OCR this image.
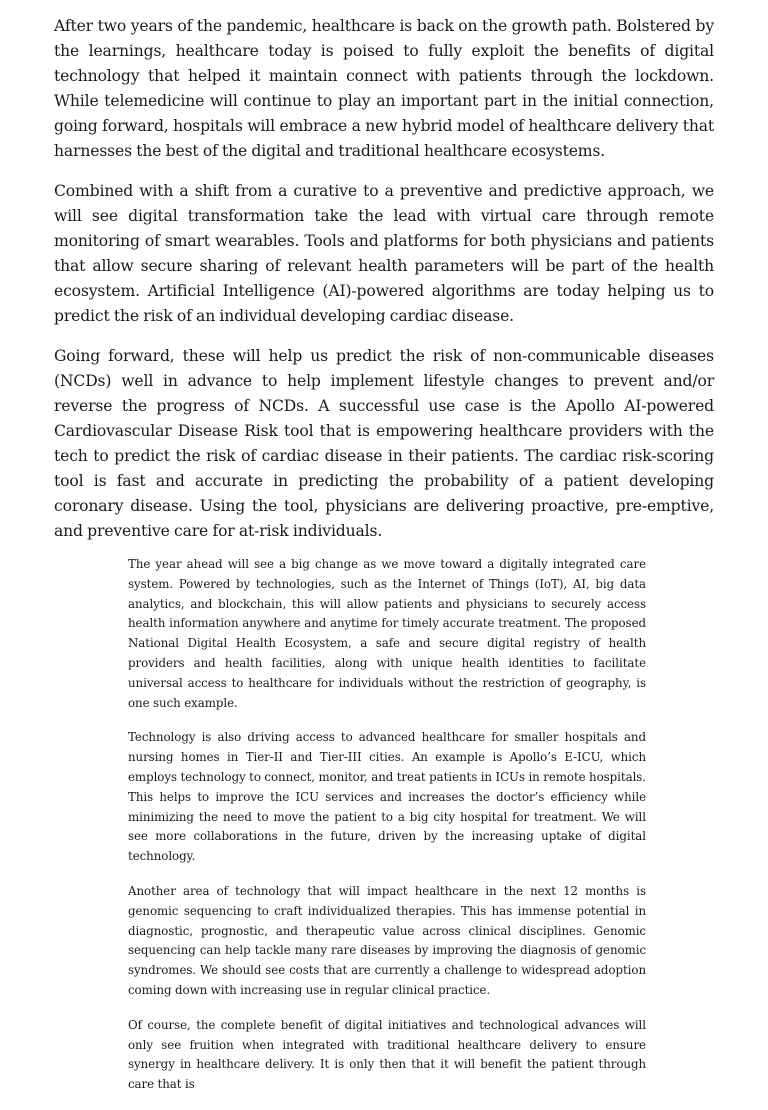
After two years of the pandemic, healthcare is back on the growth path. Bolstered by the learnings, healthcare today is poised to fully exploit the benefits of digital technology that helped it maintain connect with patients through the lockdown. While telemedicine will continue to play an important part in the initial connection, going forward, hospitals will embrace a new hybrid model of healthcare delivery that harnesses the best of the digital and traditional healthcare ecosystems.

Combined with a shift from a curative to a preventive and predictive approach, we will see digital transformation take the lead with virtual care through remote monitoring of smart wearables. Tools and platforms for both physicians and patients that allow secure sharing of relevant health parameters will be part of the health ecosystem. Artificial Intelligence (AI)-powered algorithms are today helping us to predict the risk of an individual developing cardiac disease.

Going forward, these will help us predict the risk of non-communicable diseases (NCDs) well in advance to help implement lifestyle changes to prevent and/or reverse the progress of NCDs. A successful use case is the Apollo AI-powered Cardiovascular Disease Risk tool that is empowering healthcare providers with the tech to predict the risk of cardiac disease in their patients. The cardiac risk-scoring tool is fast and accurate in predicting the probability of a patient developing coronary disease. Using the tool, physicians are delivering proactive, pre-emptive, and preventive care for at-risk individuals.

The year ahead will see a big change as we move toward a digitally integrated care system. Powered by technologies, such as the Internet of Things (IoT), AI, big data analytics, and blockchain, this will allow patients and physicians to securely access health information anywhere and anytime for timely accurate treatment. The proposed National Digital Health Ecosystem, a safe and secure digital registry of health providers and health facilities, along with unique health identities to facilitate universal access to healthcare for individuals without the restriction of geography, is one such example.

Technology is also driving access to advanced healthcare for smaller hospitals and nursing homes in Tier-II and Tier-III cities. An example is Apollo’s E-ICU, which employs technology to connect, monitor, and treat patients in ICUs in remote hospitals. This helps to improve the ICU services and increases the doctor’s efficiency while minimizing the need to move the patient to a big city hospital for treatment. We will see more collaborations in the future, driven by the increasing uptake of digital technology.

Another area of technology that will impact healthcare in the next 12 months is genomic sequencing to craft individualized therapies. This has immense potential in diagnostic, prognostic, and therapeutic value across clinical disciplines. Genomic sequencing can help tackle many rare diseases by improving the diagnosis of genomic syndromes. We should see costs that are currently a challenge to widespread adoption coming down with increasing use in regular clinical practice.

Of course, the complete benefit of digital initiatives and technological advances will only see fruition when integrated with traditional healthcare delivery to ensure synergy in healthcare delivery. It is only then that it will benefit the patient through care that is
